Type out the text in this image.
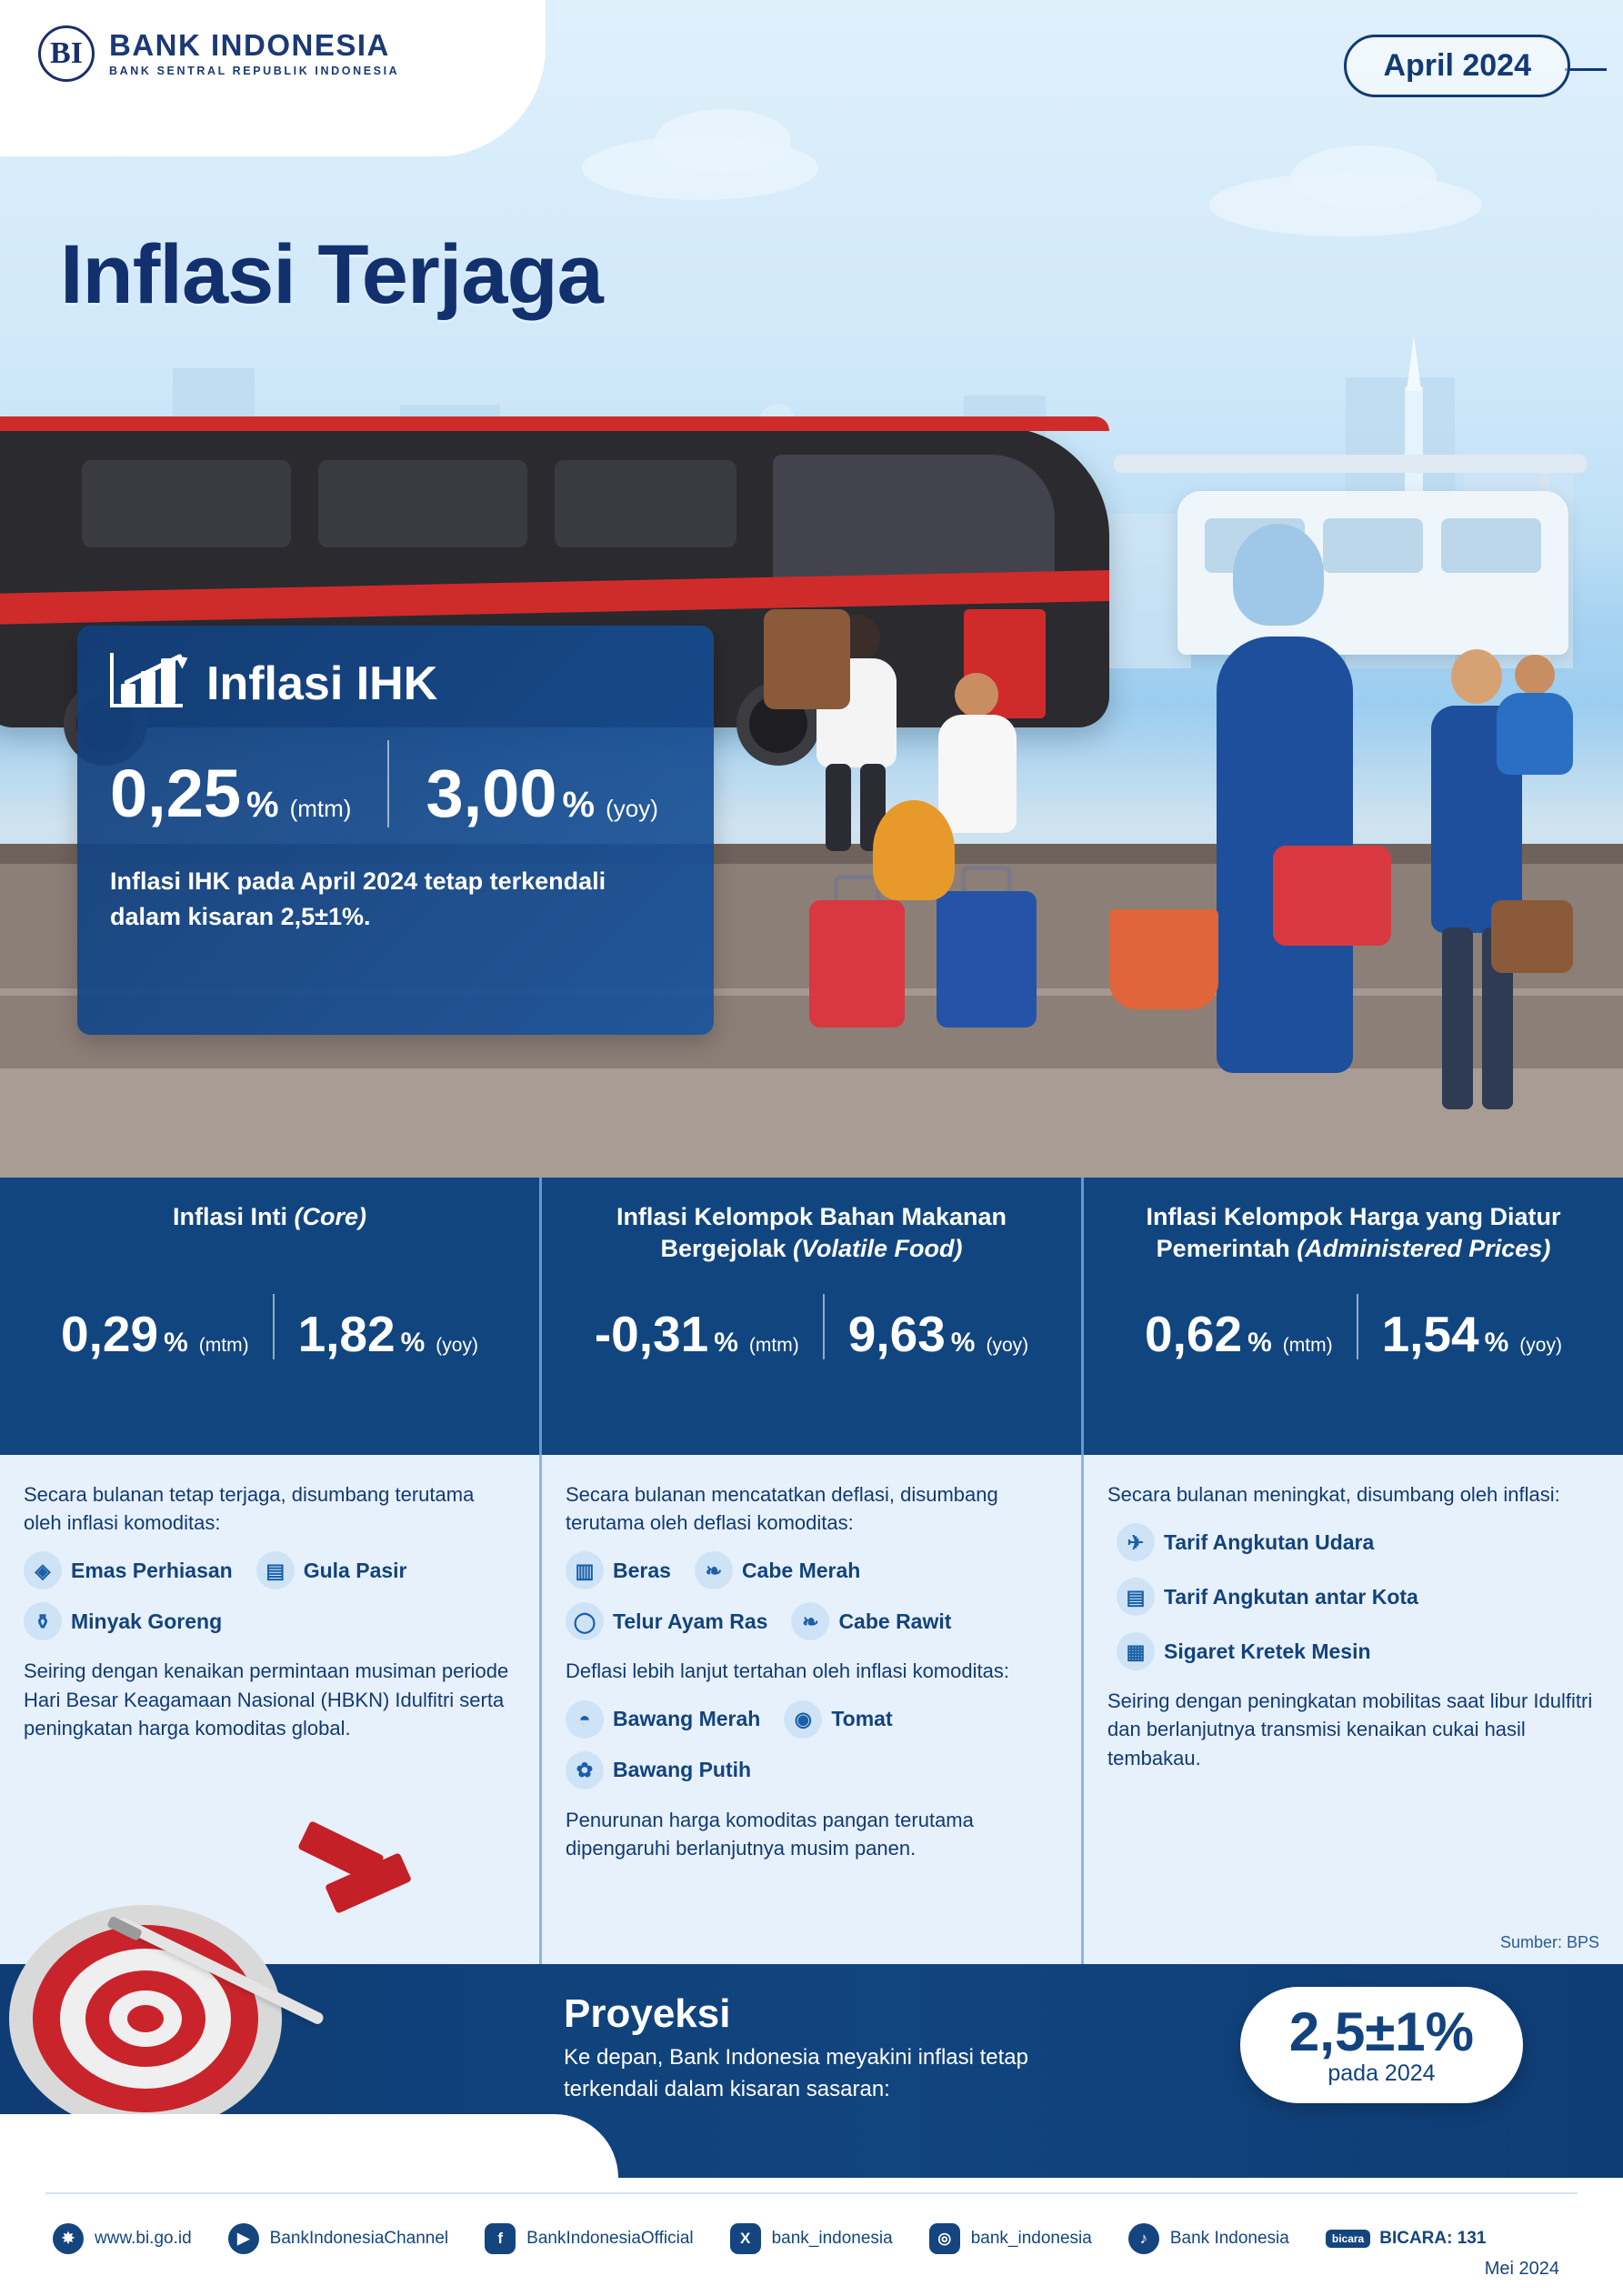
BI BANK INDONESIA
BANK SENTRAL REPUBLIK INDONESIA	April 2024
Inflasi Terjaga
Inflasi IHK
0,25 % (mtm) 3,00 % (yoy)
Inflasi IHK pada April 2024 tetap terkendali dalam kisaran 2,5±1%.
Inflasi Inti (Core)
0,29 % (mtm) 1,82 % (yoy)
Inflasi Kelompok Bahan Makanan Bergejolak (Volatile Food)
-0,31 % (mtm) 9,63 % (yoy)
Inflasi Kelompok Harga yang Diatur Pemerintah (Administered Prices)
0,62 % (mtm) 1,54 % (yoy)

Secara bulanan tetap terjaga, disumbang terutama oleh inflasi komoditas:

◈ Emas Perhiasan	▤ Gula Pasir
⚱ Minyak Goreng

Seiring dengan kenaikan permintaan musiman periode Hari Besar Keagamaan Nasional (HBKN) Idulfitri serta peningkatan harga komoditas global.

Secara bulanan mencatatkan deflasi, disumbang terutama oleh deflasi komoditas:

▥ Beras	❧ Cabe Merah
◯ Telur Ayam Ras	❧ Cabe Rawit

Deflasi lebih lanjut tertahan oleh inflasi komoditas:

◓	Bawang Merah	◉ Tomat
✿ Bawang Putih

Penurunan harga komoditas pangan terutama dipengaruhi berlanjutnya musim panen.

Secara bulanan meningkat, disumbang oleh inflasi:

✈ Tarif Angkutan Udara
▤ Tarif Angkutan antar Kota
▦ Sigaret Kretek Mesin

Seiring dengan peningkatan mobilitas saat libur Idulfitri dan berlanjutnya transmisi kenaikan cukai hasil tembakau.

Sumber: BPS
Proyeksi
Ke depan, Bank Indonesia meyakini inflasi tetap terkendali dalam kisaran sasaran:
2,5±1%
pada 2024
✸	www.bi.go.id	▶	BankIndonesiaChannel	f	BankIndonesiaOfficial	X	bank_indonesia	◎	bank_indonesia	♪	Bank Indonesia	bicara BICARA: 131
Mei 2024
